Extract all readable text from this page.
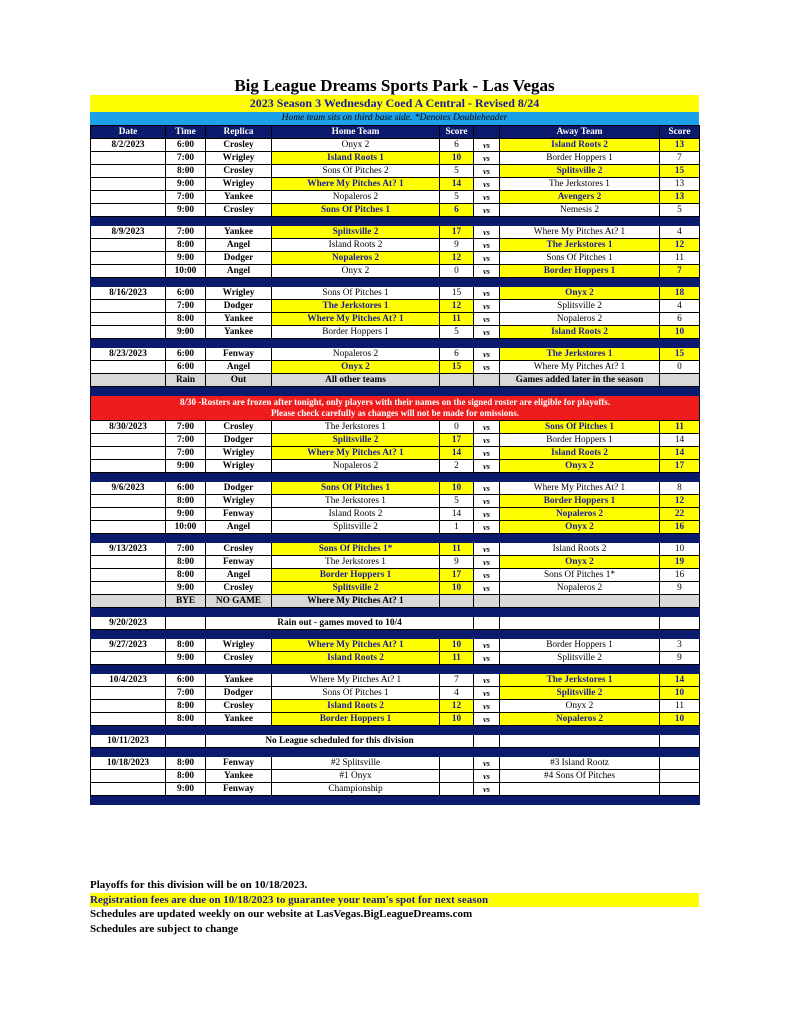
Big League Dreams Sports Park - Las Vegas
2023 Season 3 Wednesday Coed A Central - Revised 8/24
Home team sits on third base side. *Denotes Doubleheader
Date	Time	Replica	Home Team	Score		Away Team	Score
8/2/2023	6:00	Crosley	Onyx 2	6	vs	Island Roots 2	13
	7:00	Wrigley	Island Roots 1	10	vs	Border Hoppers 1	7
	8:00	Crosley	Sons Of Pitches 2	5	vs	Splitsville 2	15
	9:00	Wrigley	Where My Pitches At? 1	14	vs	The Jerkstores 1	13
	7:00	Yankee	Nopaleros 2	5	vs	Avengers 2	13
	9:00	Crosley	Sons Of Pitches 1	6	vs	Nemesis 2	5

8/9/2023	7:00	Yankee	Splitsville 2	17	vs	Where My Pitches At? 1	4
	8:00	Angel	Island Roots 2	9	vs	The Jerkstores 1	12
	9:00	Dodger	Nopaleros 2	12	vs	Sons Of Pitches 1	11
	10:00	Angel	Onyx 2	0	vs	Border Hoppers 1	7

8/16/2023	6:00	Wrigley	Sons Of Pitches 1	15	vs	Onyx 2	18
	7:00	Dodger	The Jerkstores 1	12	vs	Splitsville 2	4
	8:00	Yankee	Where My Pitches At? 1	11	vs	Nopaleros 2	6
	9:00	Yankee	Border Hoppers 1	5	vs	Island Roots 2	10

8/23/2023	6:00	Fenway	Nopaleros 2	6	vs	The Jerkstores 1	15
	6:00	Angel	Onyx 2	15	vs	Where My Pitches At? 1	0
	Rain	Out	All other teams			Games added later in the season	

8/30 -Rosters are frozen after tonight, only players with their names on the signed roster are eligible for playoffs.
Please check carefully as changes will not be made for omissions.							

8/30/2023	7:00	Crosley	The Jerkstores 1	0	vs	Sons Of Pitches 1	11
	7:00	Dodger	Splitsville 2	17	vs	Border Hoppers 1	14
	7:00	Wrigley	Where My Pitches At? 1	14	vs	Island Roots 2	14
	9:00	Wrigley	Nopaleros 2	2	vs	Onyx 2	17

9/6/2023	6:00	Dodger	Sons Of Pitches 1	10	vs	Where My Pitches At? 1	8
	8:00	Wrigley	The Jerkstores 1	5	vs	Border Hoppers 1	12
	9:00	Fenway	Island Roots 2	14	vs	Nopaleros 2	22
	10:00	Angel	Splitsville 2	1	vs	Onyx 2	16

9/13/2023	7:00	Crosley	Sons Of Pitches 1*	11	vs	Island Roots 2	10
	8:00	Fenway	The Jerkstores 1	9	vs	Onyx 2	19
	8:00	Angel	Border Hoppers 1	17	vs	Sons Of Pitches 1*	16
	9:00	Crosley	Splitsville 2	10	vs	Nopaleros 2	9
	BYE	NO GAME	Where My Pitches At? 1				

9/20/2023		Rain out - games moved to 10/4					

9/27/2023	8:00	Wrigley	Where My Pitches At? 1	10	vs	Border Hoppers 1	3
	9:00	Crosley	Island Roots 2	11	vs	Splitsville 2	9

10/4/2023	6:00	Yankee	Where My Pitches At? 1	7	vs	The Jerkstores 1	14
	7:00	Dodger	Sons Of Pitches 1	4	vs	Splitsville 2	10
	8:00	Crosley	Island Roots 2	12	vs	Onyx 2	11
	8:00	Yankee	Border Hoppers 1	10	vs	Nopaleros 2	10

10/11/2023		No League scheduled for this division					

10/18/2023	8:00	Fenway	#2 Splitsville		vs	#3 Island Rootz	
	8:00	Yankee	#1 Onyx		vs	#4 Sons Of Pitches	
	9:00	Fenway	Championship		vs		

Playoffs for this division will be on 10/18/2023.
Registration fees are due on 10/18/2023 to guarantee your team's spot for next season
Schedules are updated weekly on our website at LasVegas.BigLeagueDreams.com
Schedules are subject to change
